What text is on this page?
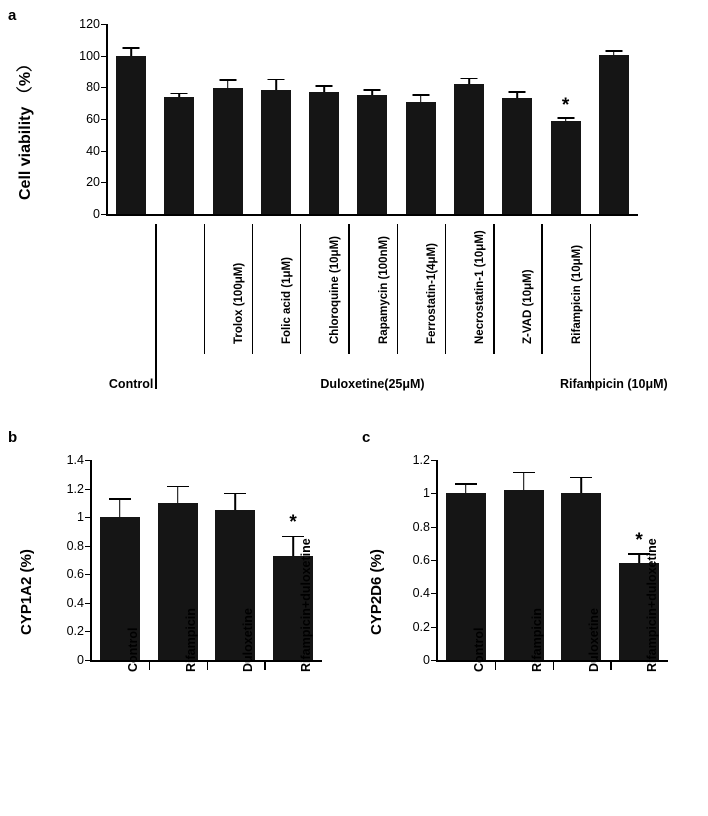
a
Cell viability （%）
0
20
40
60
80
100
120
*
Trolox (100μM)	Folic acid (1μM)	Chloroquine (10μM)	Rapamycin (100nM)	Ferrostatin-1(4μM)	Necrostatin-1 (10μM)	Z-VAD (10μM)	Rifampicin (10μM)
Control	Duloxetine(25μM)	Rifampicin (10μM)
b
CYP1A2 (%)
0
0.2
0.4
0.6
0.8
1
1.2
1.4
*
Control	Rifampicin	Duloxetine	Rifampicin+duloxetine
c
CYP2D6 (%)
0
0.2
0.4
0.6
0.8
1
1.2
*
Control	Rifampicin	Duloxetine	Rifampicin+duloxetine
